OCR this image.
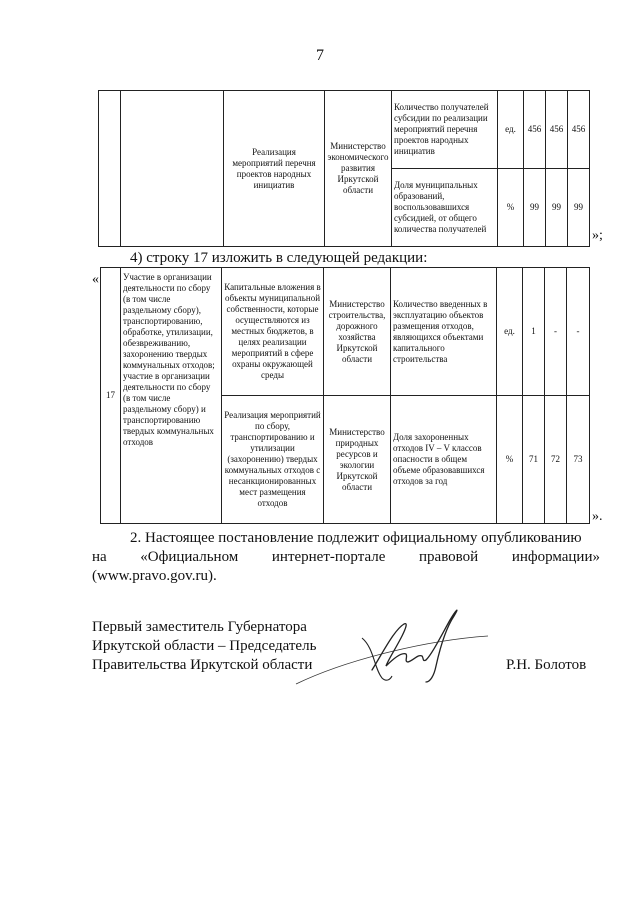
7
		Реализация мероприятий перечня проектов народных инициатив	Министерство экономического развития Иркутской области	Количество получателей субсидии по реализации мероприятий перечня проектов народных инициатив	ед.	456	456	456
				Доля муниципальных образований, воспользовавшихся субсидией, от общего количества получателей	%	99	99	99
»;
4) строку 17 изложить в следующей редакции:
«
17	Участие в организации деятельности по сбору (в том числе раздельному сбору), транспортированию, обработке, утилизации, обезвреживанию, захоронению твердых коммунальных отходов; участие в организации деятельности по сбору (в том числе раздельному сбору) и транспортированию твердых коммунальных отходов	Капитальные вложения в объекты муниципальной собственности, которые осуществляются из местных бюджетов, в целях реализации мероприятий в сфере охраны окружающей среды	Министерство строительства, дорожного хозяйства Иркутской области	Количество введенных в эксплуатацию объектов размещения отходов, являющихся объектами капитального строительства	ед.	1	-	-
		Реализация мероприятий по сбору, транспортированию и утилизации (захоронению) твердых коммунальных отходов с несанкционированных мест размещения отходов	Министерство природных ресурсов и экологии Иркутской области	Доля захороненных отходов IV – V классов опасности в общем объеме образовавшихся отходов за год	%	71	72	73
».
2. Настоящее постановление подлежит официальному опубликованию
на «Официальном интернет-портале правовой информации»
(www.pravo.gov.ru).
Первый заместитель Губернатора
Иркутской области – Председатель
Правительства Иркутской области	Р.Н. Болотов
